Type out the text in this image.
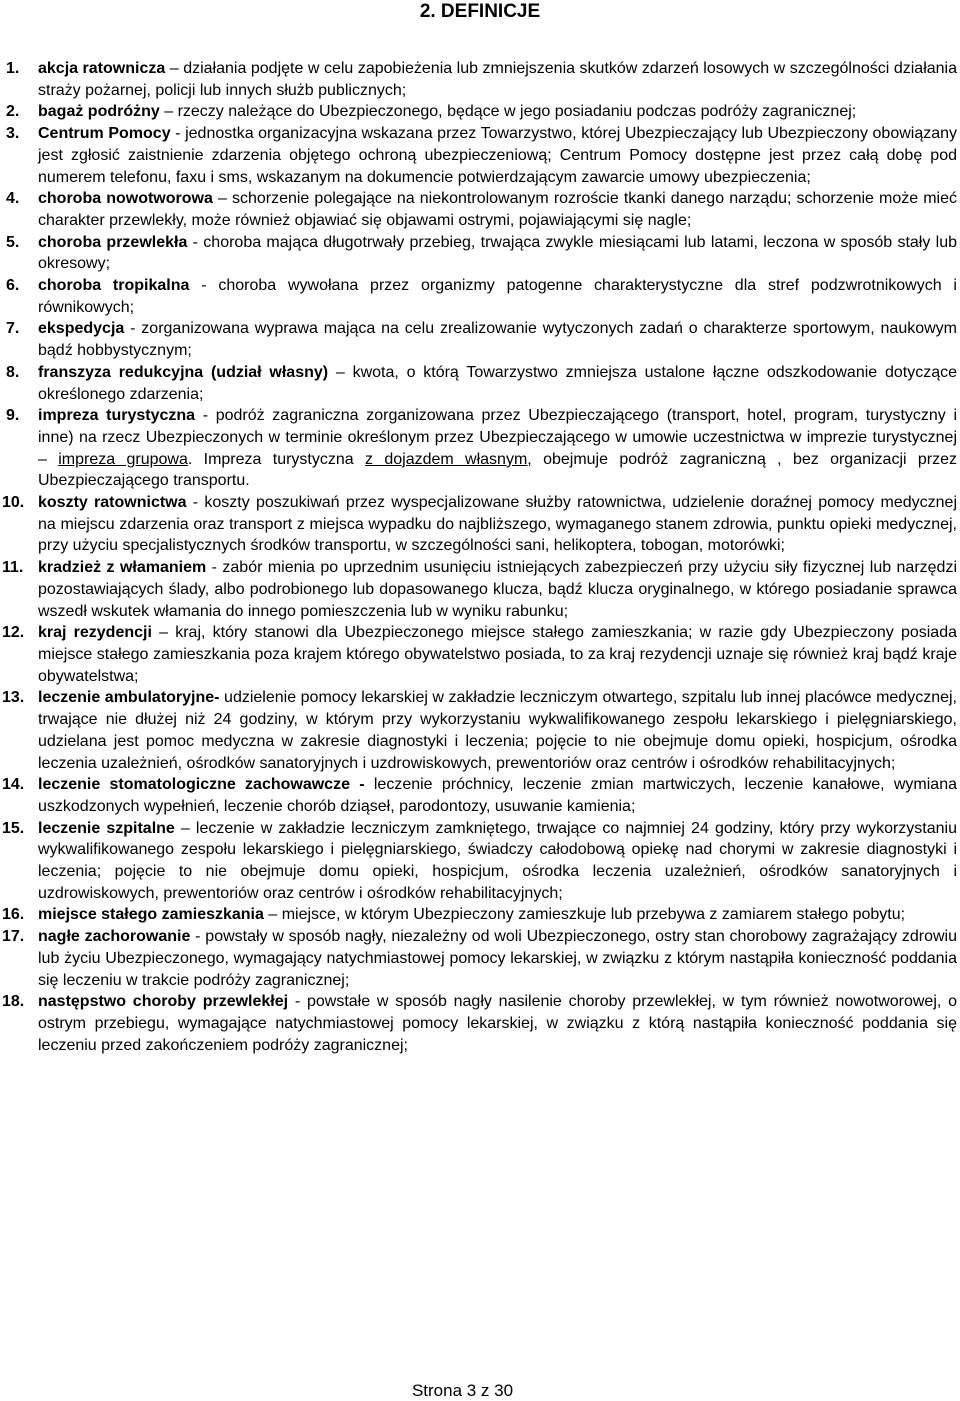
2. DEFINICJE
1. akcja ratownicza – działania podjęte w celu zapobieżenia lub zmniejszenia skutków zdarzeń losowych w szczególności działania straży pożarnej, policji lub innych służb publicznych;
2. bagaż podróżny – rzeczy należące do Ubezpieczonego, będące w jego posiadaniu podczas podróży zagranicznej;
3. Centrum Pomocy - jednostka organizacyjna wskazana przez Towarzystwo, której Ubezpieczający lub Ubezpieczony obowiązany jest zgłosić zaistnienie zdarzenia objętego ochroną ubezpieczeniową; Centrum Pomocy dostępne jest przez całą dobę pod numerem telefonu, faxu i sms, wskazanym na dokumencie potwierdzającym zawarcie umowy ubezpieczenia;
4. choroba nowotworowa – schorzenie polegające na niekontrolowanym rozroście tkanki danego narządu; schorzenie może mieć charakter przewlekły, może również objawiać się objawami ostrymi, pojawiającymi się nagle;
5. choroba przewlekła - choroba mająca długotrwały przebieg, trwająca zwykle miesiącami lub latami, leczona w sposób stały lub okresowy;
6. choroba tropikalna - choroba wywołana przez organizmy patogenne charakterystyczne dla stref podzwrotnikowych i równikowych;
7. ekspedycja - zorganizowana wyprawa mająca na celu zrealizowanie wytyczonych zadań o charakterze sportowym, naukowym bądź hobbystycznym;
8. franszyza redukcyjna (udział własny) – kwota, o którą Towarzystwo zmniejsza ustalone łączne odszkodowanie dotyczące określonego zdarzenia;
9. impreza turystyczna - podróż zagraniczna zorganizowana przez Ubezpieczającego (transport, hotel, program, turystyczny i inne) na rzecz Ubezpieczonych w terminie określonym przez Ubezpieczającego w umowie uczestnictwa w imprezie turystycznej – impreza grupowa. Impreza turystyczna z dojazdem własnym, obejmuje podróż zagraniczną , bez organizacji przez Ubezpieczającego transportu.
10. koszty ratownictwa - koszty poszukiwań przez wyspecjalizowane służby ratownictwa, udzielenie doraźnej pomocy medycznej na miejscu zdarzenia oraz transport z miejsca wypadku do najbliższego, wymaganego stanem zdrowia, punktu opieki medycznej, przy użyciu specjalistycznych środków transportu, w szczególności sani, helikoptera, tobogan, motorówki;
11. kradzież z włamaniem - zabór mienia po uprzednim usunięciu istniejących zabezpieczeń przy użyciu siły fizycznej lub narzędzi pozostawiających ślady, albo podrobionego lub dopasowanego klucza, bądź klucza oryginalnego, w którego posiadanie sprawca wszedł wskutek włamania do innego pomieszczenia lub w wyniku rabunku;
12. kraj rezydencji – kraj, który stanowi dla Ubezpieczonego miejsce stałego zamieszkania; w razie gdy Ubezpieczony posiada miejsce stałego zamieszkania poza krajem którego obywatelstwo posiada, to za kraj rezydencji uznaje się również kraj bądź kraje obywatelstwa;
13. leczenie ambulatoryjne- udzielenie pomocy lekarskiej w zakładzie leczniczym otwartego, szpitalu lub innej placówce medycznej, trwające nie dłużej niż 24 godziny, w którym przy wykorzystaniu wykwalifikowanego zespołu lekarskiego i pielęgniarskiego, udzielana jest pomoc medyczna w zakresie diagnostyki i leczenia; pojęcie to nie obejmuje domu opieki, hospicjum, ośrodka leczenia uzależnień, ośrodków sanatoryjnych i uzdrowiskowych, prewentoriów oraz centrów i ośrodków rehabilitacyjnych;
14. leczenie stomatologiczne zachowawcze - leczenie próchnicy, leczenie zmian martwiczych, leczenie kanałowe, wymiana uszkodzonych wypełnień, leczenie chorób dziąseł, parodontozy, usuwanie kamienia;
15. leczenie szpitalne – leczenie w zakładzie leczniczym zamkniętego, trwające co najmniej 24 godziny, który przy wykorzystaniu wykwalifikowanego zespołu lekarskiego i pielęgniarskiego, świadczy całodobową opiekę nad chorymi w zakresie diagnostyki i leczenia; pojęcie to nie obejmuje domu opieki, hospicjum, ośrodka leczenia uzależnień, ośrodków sanatoryjnych i uzdrowiskowych, prewentoriów oraz centrów i ośrodków rehabilitacyjnych;
16. miejsce stałego zamieszkania – miejsce, w którym Ubezpieczony zamieszkuje lub przebywa z zamiarem stałego pobytu;
17. nagłe zachorowanie - powstały w sposób nagły, niezależny od woli Ubezpieczonego, ostry stan chorobowy zagrażający zdrowiu lub życiu Ubezpieczonego, wymagający natychmiastowej pomocy lekarskiej, w związku z którym nastąpiła konieczność poddania się leczeniu w trakcie podróży zagranicznej;
18. następstwo choroby przewlekłej - powstałe w sposób nagły nasilenie choroby przewlekłej, w tym również nowotworowej, o ostrym przebiegu, wymagające natychmiastowej pomocy lekarskiej, w związku z którą nastąpiła konieczność poddania się leczeniu przed zakończeniem podróży zagranicznej;
Strona 3 z 30
